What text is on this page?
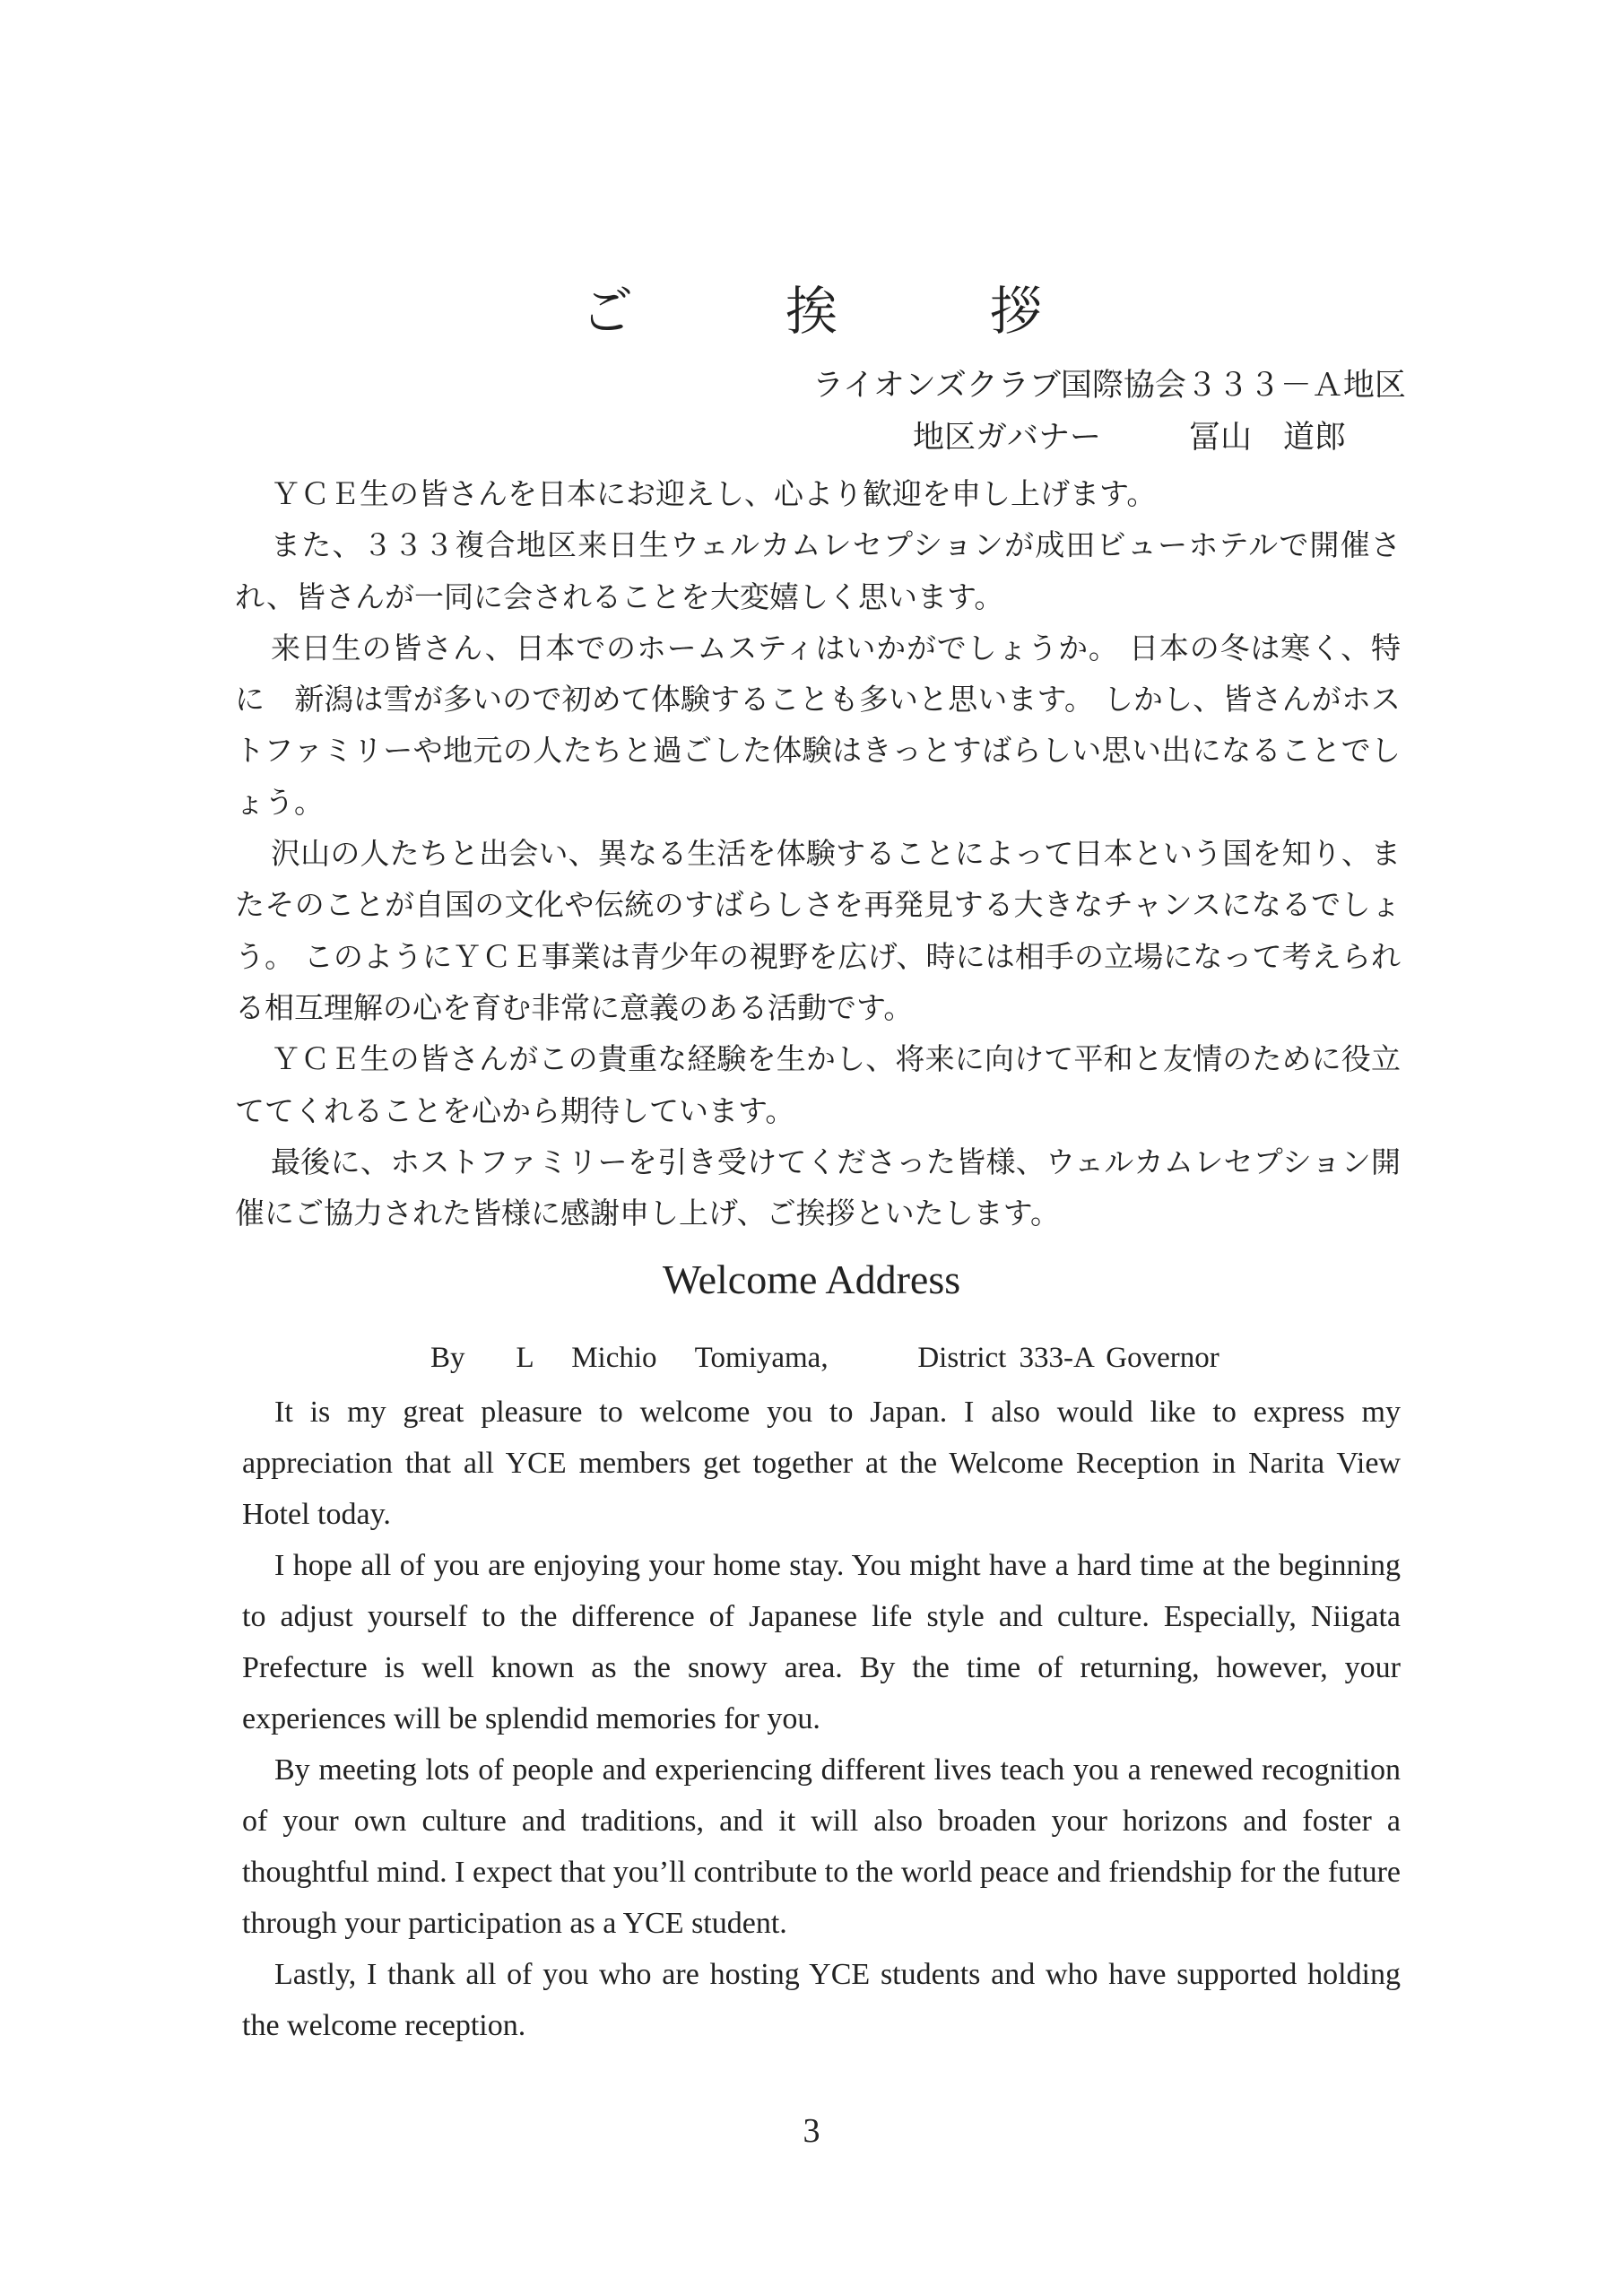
ご　挨　拶
ライオンズクラブ国際協会３３３－Ａ地区
地区ガバナー	冨山　道郎

ＹＣＥ生の皆さんを日本にお迎えし、心より歓迎を申し上げます。

また、３３３複合地区来日生ウェルカムレセプションが成田ビューホテルで開催され、皆さんが一同に会されることを大変嬉しく思います。

来日生の皆さん、日本でのホームスティはいかがでしょうか。 日本の冬は寒く、特に　新潟は雪が多いので初めて体験することも多いと思います。 しかし、皆さんがホストファミリーや地元の人たちと過ごした体験はきっとすばらしい思い出になることでしょう。

沢山の人たちと出会い、異なる生活を体験することによって日本という国を知り、またそのことが自国の文化や伝統のすばらしさを再発見する大きなチャンスになるでしょう。 このようにＹＣＥ事業は青少年の視野を広げ、時には相手の立場になって考えられる相互理解の心を育む非常に意義のある活動です。

ＹＣＥ生の皆さんがこの貴重な経験を生かし、将来に向けて平和と友情のために役立ててくれることを心から期待しています。

最後に、ホストファミリーを引き受けてくださった皆様、ウェルカムレセプション開催にご協力された皆様に感謝申し上げ、ご挨拶といたします。

Welcome Address
By    L   Michio   Tomiyama,       District 333-A Governor

It is my great pleasure to welcome you to Japan. I also would like to express my appreciation that all YCE members get together at the Welcome Reception in Narita View Hotel today.

I hope all of you are enjoying your home stay. You might have a hard time at the beginning to adjust yourself to the difference of Japanese life style and culture. Especially, Niigata Prefecture is well known as the snowy area. By the time of returning, however, your experiences will be splendid memories for you.

By meeting lots of people and experiencing different lives teach you a renewed recognition of your own culture and traditions, and it will also broaden your horizons and foster a thoughtful mind. I expect that you’ll contribute to the world peace and friendship for the future through your participation as a YCE student.

Lastly, I thank all of you who are hosting YCE students and who have supported holding the welcome reception.

3
